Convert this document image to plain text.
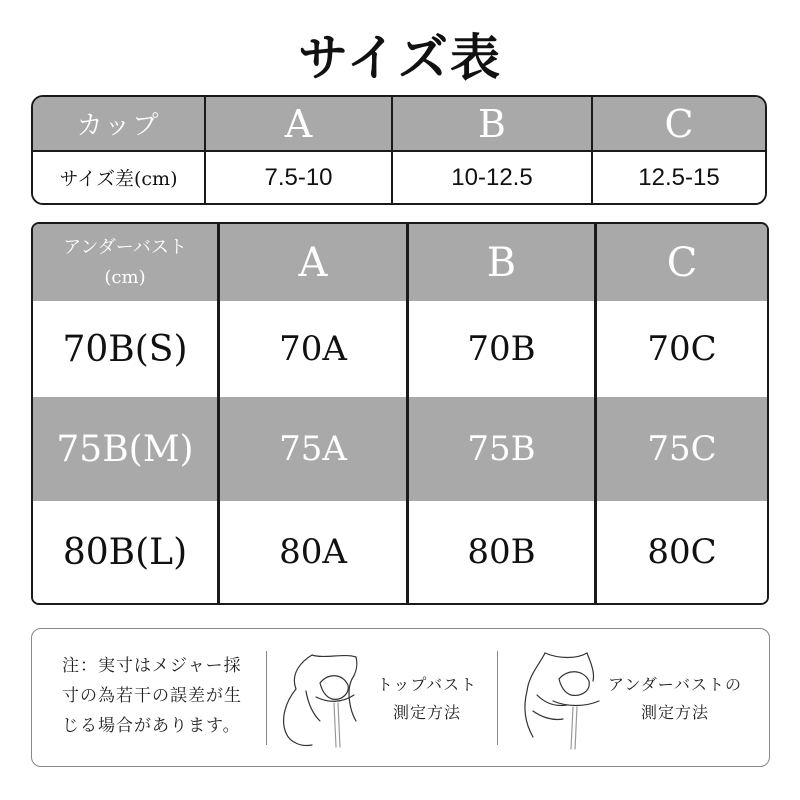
サイズ表
カップ	A	B	C
サイズ差(cm)	7.5-10	10-12.5	12.5-15
アンダーバスト
(cm)	A	B	C
70B(S)	70A	70B	70C
75B(M)	75A	75B	75C
80B(L)	80A	80B	80C
注：実寸はメジャー採
寸の為若干の誤差が生
じる場合があります。
トップバスト
測定方法
アンダーバストの
測定方法
